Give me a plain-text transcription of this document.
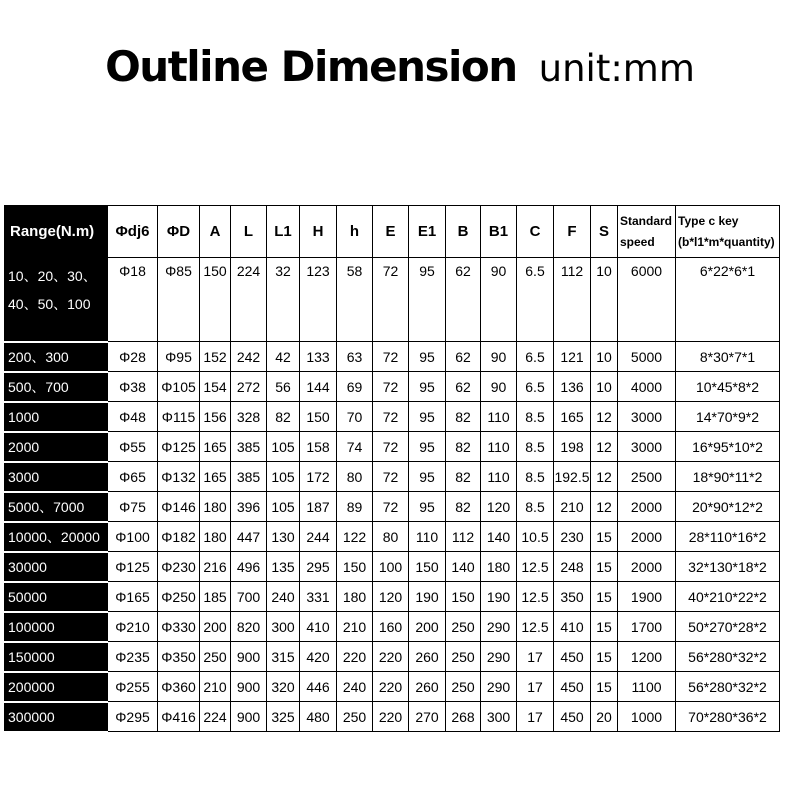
Outline Dimension unit:mm
Range(N.m)	Φdj6	ΦD	A	L	L1	H	h	E	E1	B	B1	C	F	S	Standard
speed	Type c key
(b*l1*m*quantity)

10、20、30、40、50、100	Φ18	Φ85	150	224	32	123	58	72	95	62	90	6.5	112	10	6000	6*22*6*1
200、300	Φ28	Φ95	152	242	42	133	63	72	95	62	90	6.5	121	10	5000	8*30*7*1
500、700	Φ38	Φ105	154	272	56	144	69	72	95	62	90	6.5	136	10	4000	10*45*8*2
1000	Φ48	Φ115	156	328	82	150	70	72	95	82	110	8.5	165	12	3000	14*70*9*2
2000	Φ55	Φ125	165	385	105	158	74	72	95	82	110	8.5	198	12	3000	16*95*10*2
3000	Φ65	Φ132	165	385	105	172	80	72	95	82	110	8.5	192.5	12	2500	18*90*11*2
5000、7000	Φ75	Φ146	180	396	105	187	89	72	95	82	120	8.5	210	12	2000	20*90*12*2
10000、20000	Φ100	Φ182	180	447	130	244	122	80	110	112	140	10.5	230	15	2000	28*110*16*2
30000	Φ125	Φ230	216	496	135	295	150	100	150	140	180	12.5	248	15	2000	32*130*18*2
50000	Φ165	Φ250	185	700	240	331	180	120	190	150	190	12.5	350	15	1900	40*210*22*2
100000	Φ210	Φ330	200	820	300	410	210	160	200	250	290	12.5	410	15	1700	50*270*28*2
150000	Φ235	Φ350	250	900	315	420	220	220	260	250	290	17	450	15	1200	56*280*32*2
200000	Φ255	Φ360	210	900	320	446	240	220	260	250	290	17	450	15	1100	56*280*32*2
300000	Φ295	Φ416	224	900	325	480	250	220	270	268	300	17	450	20	1000	70*280*36*2
